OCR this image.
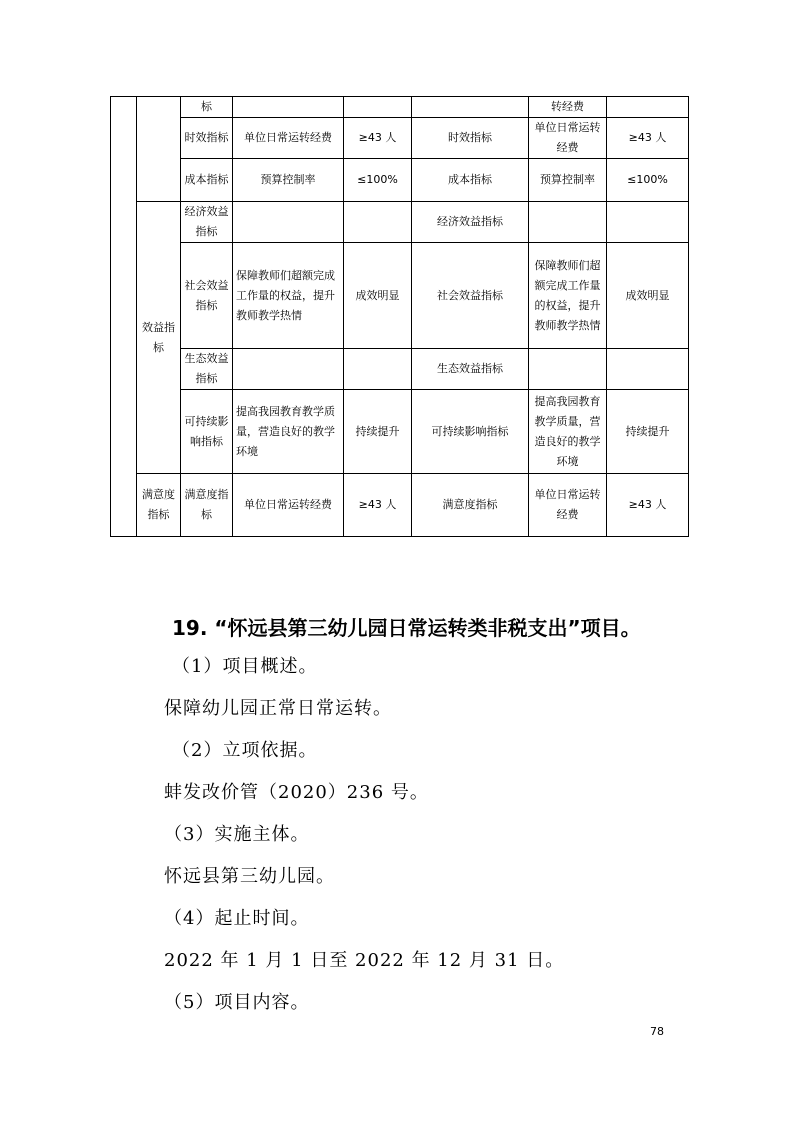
		标				转经费	
		时效指标	单位日常运转经费	≥43 人	时效指标	单位日常运转经费	≥43 人
		成本指标	预算控制率	≤100%	成本指标	预算控制率	≤100%
	效益指标	经济效益指标			经济效益指标		
		社会效益指标	保障教师们超额完成工作量的权益，提升教师教学热情	成效明显	社会效益指标	保障教师们超额完成工作量的权益，提升教师教学热情	成效明显
		生态效益指标			生态效益指标		
		可持续影响指标	提高我园教育教学质量，营造良好的教学环境	持续提升	可持续影响指标	提高我园教育教学质量，营造良好的教学环境	持续提升
	满意度指标	满意度指标	单位日常运转经费	≥43 人	满意度指标	单位日常运转经费	≥43 人
19. “怀远县第三幼儿园日常运转类非税支出”项目。
（1）项目概述。
保障幼儿园正常日常运转。
（2）立项依据。
蚌发改价管（2020）236 号。
（3）实施主体。
怀远县第三幼儿园。
（4）起止时间。
2022 年 1 月 1 日至 2022 年 12 月 31 日。
（5）项目内容。
78
